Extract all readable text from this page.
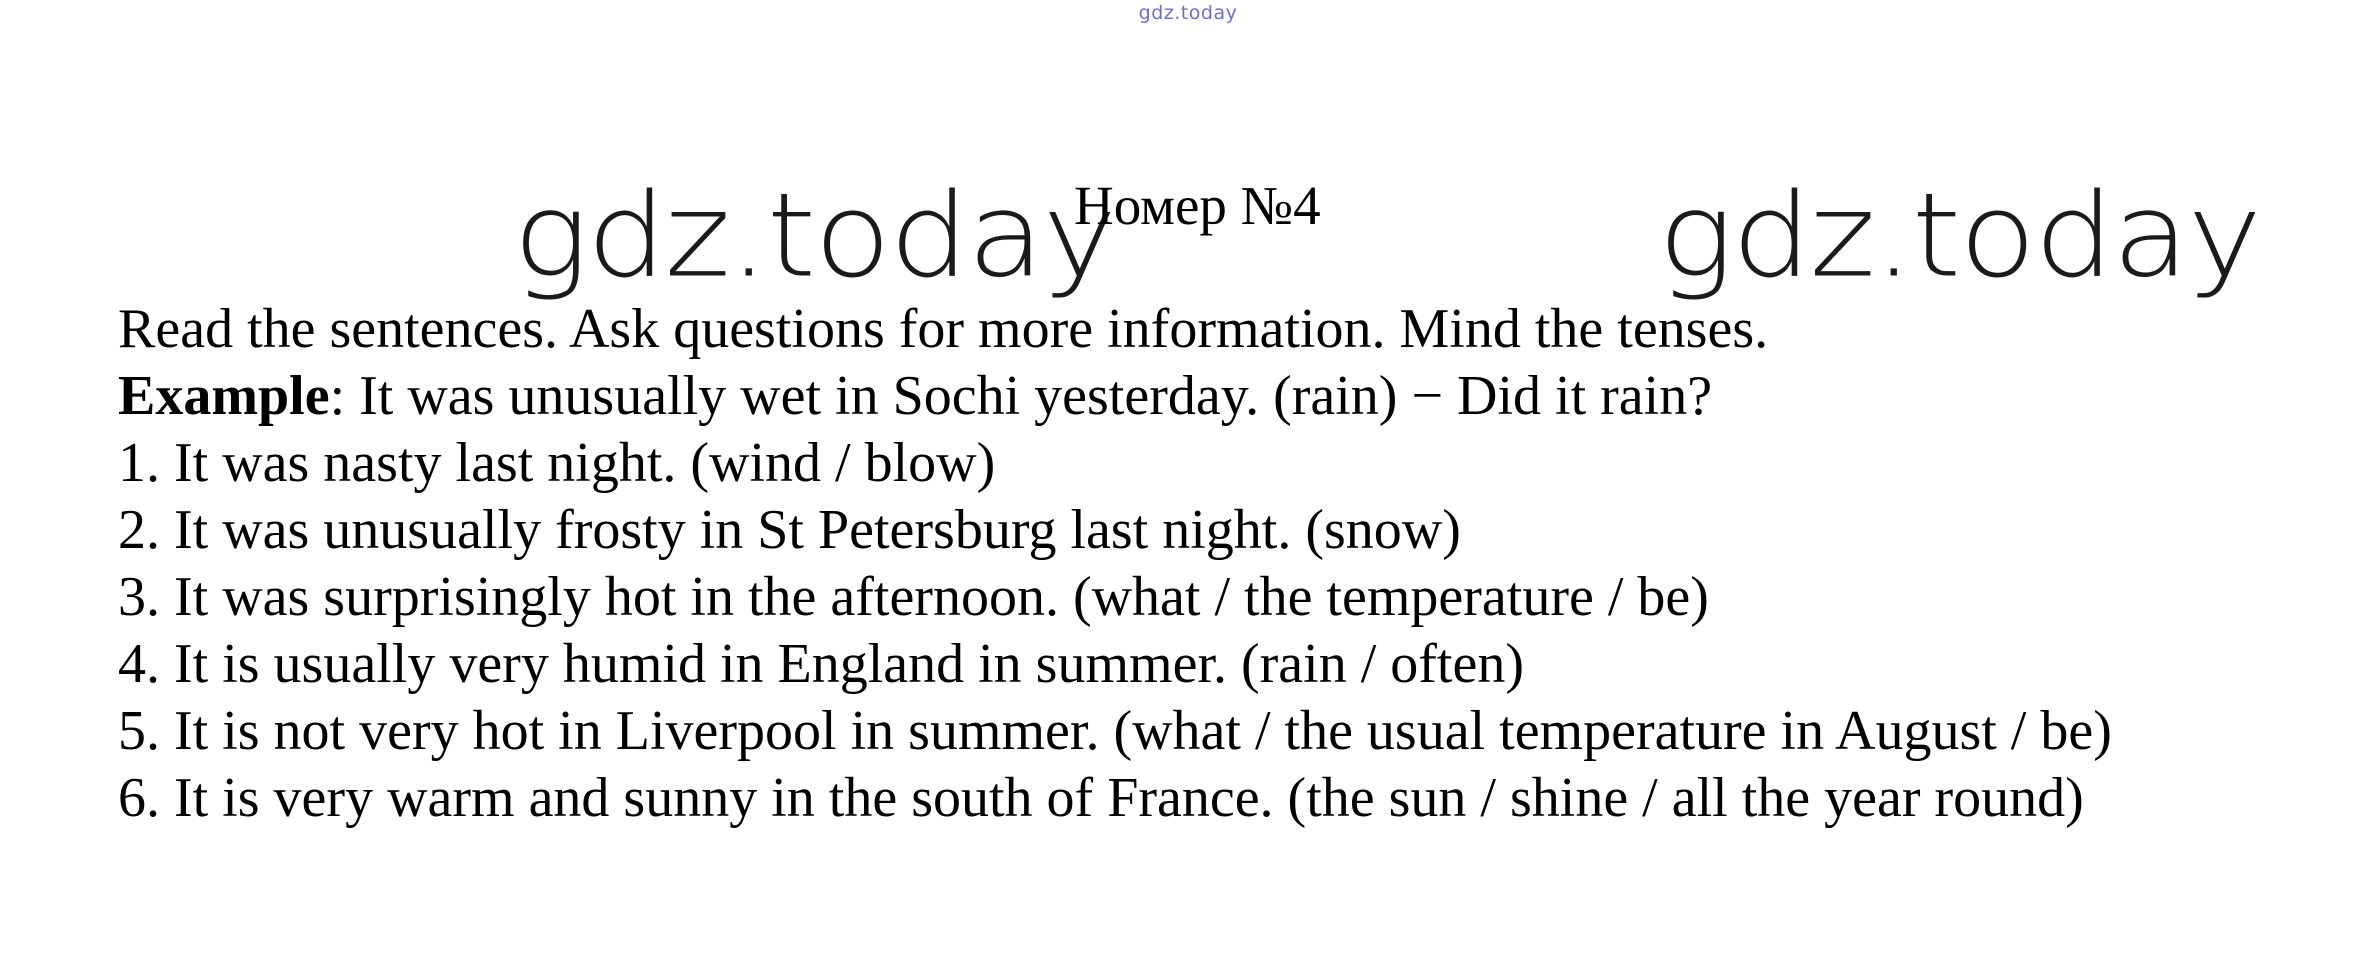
gdz.today
gdz.today
Номер №4	gdz.today
Read the sentences. Ask questions for more information. Mind the tenses.
Example: It was unusually wet in Sochi yesterday. (rain) − Did it rain?
1. It was nasty last night. (wind / blow)
2. It was unusually frosty in St Petersburg last night. (snow)
3. It was surprisingly hot in the afternoon. (what / the temperature / be)
4. It is usually very humid in England in summer. (rain / often)
5. It is not very hot in Liverpool in summer. (what / the usual temperature in August / be)
6. It is very warm and sunny in the south of France. (the sun / shine / all the year round)
